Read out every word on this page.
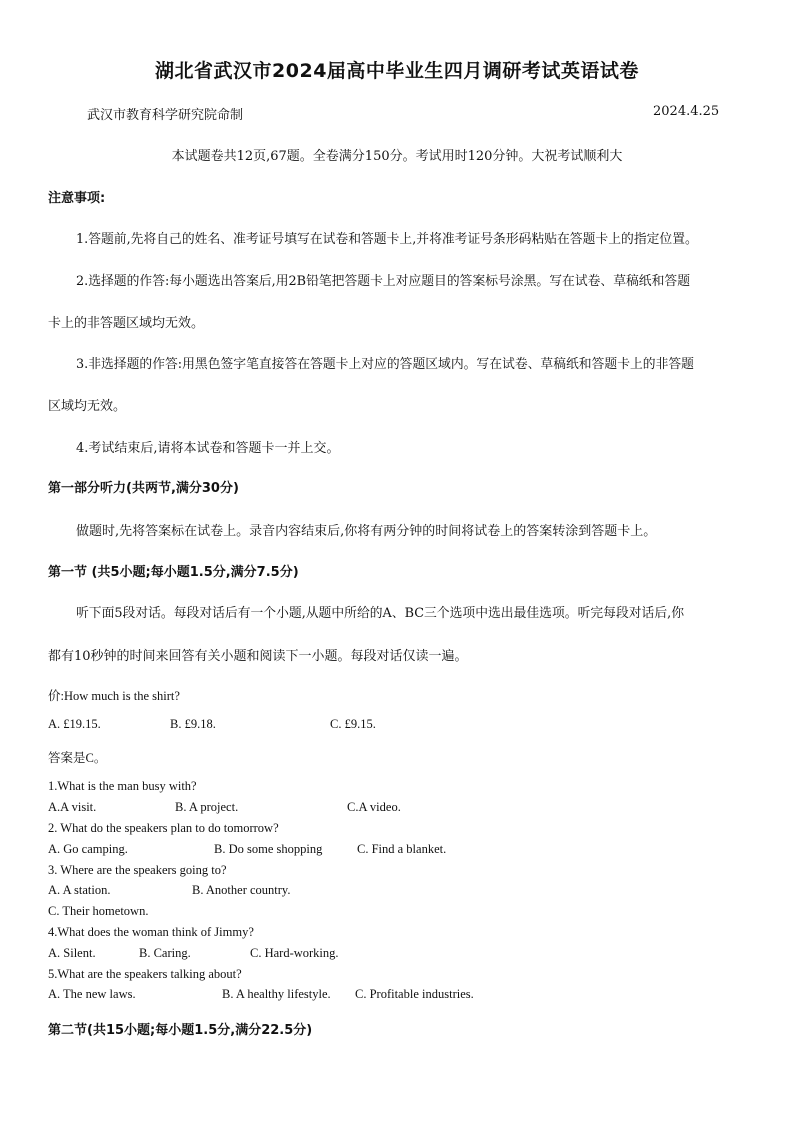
湖北省武汉市2024届高中毕业生四月调研考试英语试卷
武汉市教育科学研究院命制	2024.4.25
本试题卷共12页,67题。全卷满分150分。考试用时120分钟。大祝考试顺利大
注意事项:
1.答题前,先将自己的姓名、准考证号填写在试卷和答题卡上,并将准考证号条形码粘贴在答题卡上的指定位置。
2.选择题的作答:每小题选出答案后,用2B铅笔把答题卡上对应题目的答案标号涂黑。写在试卷、草稿纸和答题
卡上的非答题区域均无效。
3.非选择题的作答:用黑色签字笔直接答在答题卡上对应的答题区域内。写在试卷、草稿纸和答题卡上的非答题
区域均无效。
4.考试结束后,请将本试卷和答题卡一并上交。
第一部分听力(共两节,满分30分)
做题时,先将答案标在试卷上。录音内容结束后,你将有两分钟的时间将试卷上的答案转涂到答题卡上。
第一节 (共5小题;每小题1.5分,满分7.5分)
听下面5段对话。每段对话后有一个小题,从题中所给的A、BC三个选项中选出最佳选项。听完每段对话后,你
都有10秒钟的时间来回答有关小题和阅读下一小题。每段对话仅读一遍。
价:How much is the shirt?
A. £19.15.	B. £9.18.	C. £9.15.
答案是C。
1.What is the man busy with?
A.A visit.	B. A project.	C.A video.
2. What do the speakers plan to do tomorrow?
A. Go camping.	B. Do some shopping	C. Find a blanket.
3. Where are the speakers going to?
A. A station.	B. Another country.
C. Their hometown.
4.What does the woman think of Jimmy?
A. Silent.	B. Caring.	C. Hard-working.
5.What are the speakers talking about?
A. The new laws.	B. A healthy lifestyle. C. Profitable industries.
第二节(共15小题;每小题1.5分,满分22.5分)
